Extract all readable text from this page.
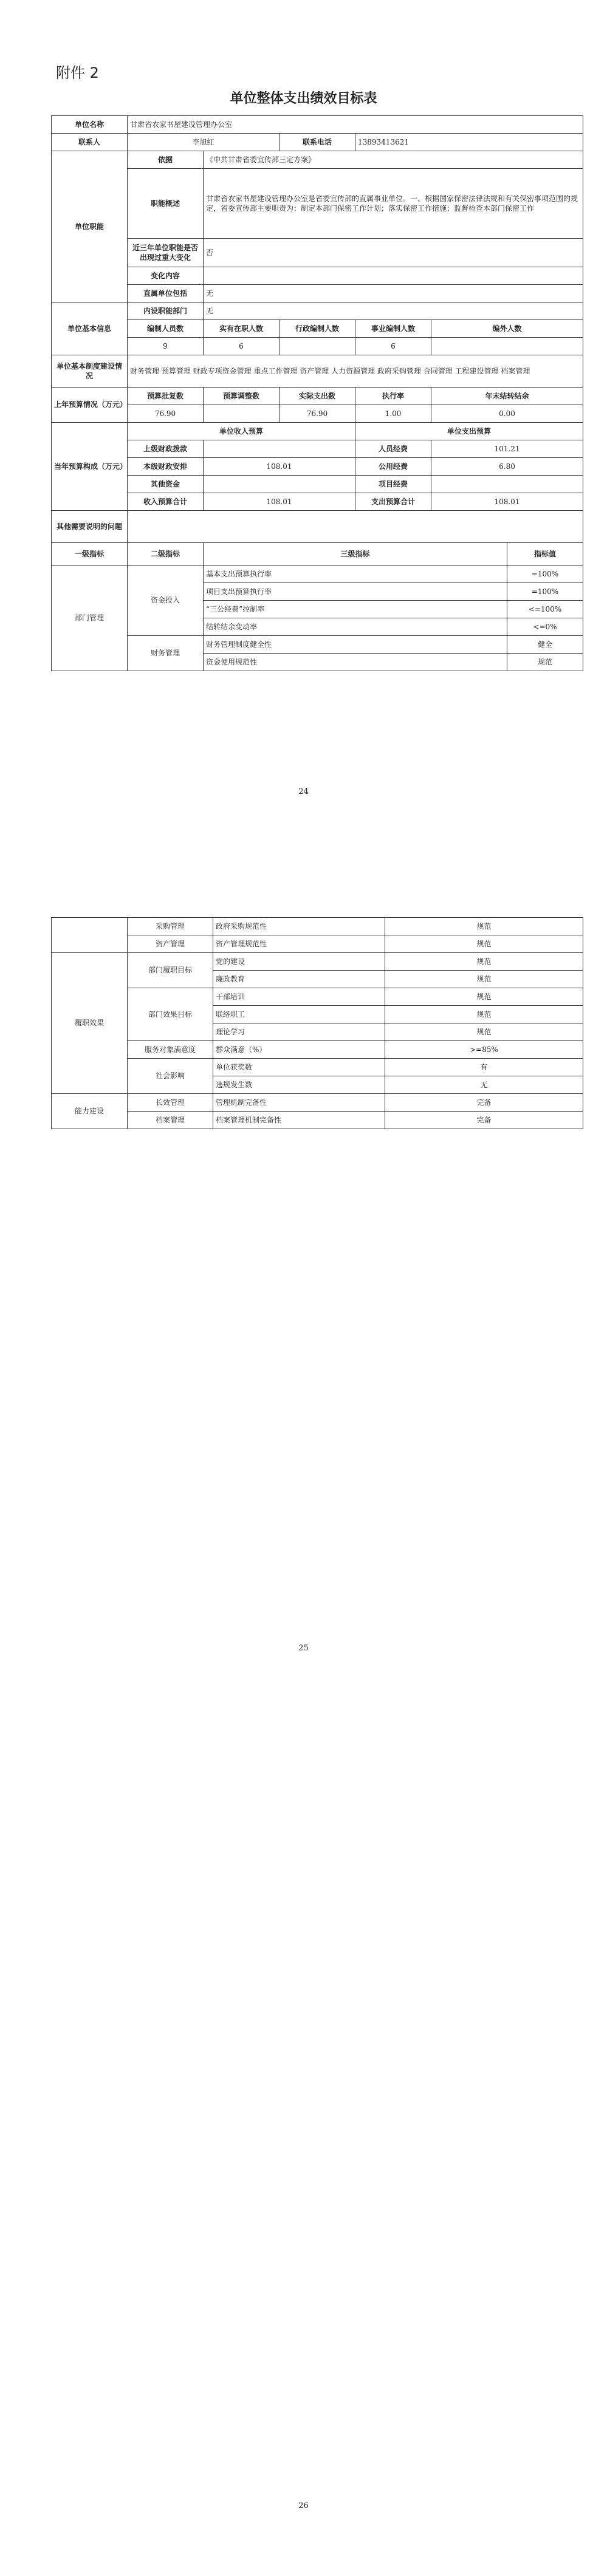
附件 2
单位整体支出绩效目标表
单位名称	甘肃省农家书屋建设管理办公室					
联系人	李旭红		联系电话	13893413621		
单位职能	依据	《中共甘肃省委宣传部三定方案》				
	职能概述	甘肃省农家书屋建设管理办公室是省委宣传部的直属事业单位。一、根据国家保密法律法规和有关保密事项范围的规定，省委宣传部主要职责为：制定本部门保密工作计划；落实保密工作措施；监督检查本部门保密工作				
	近三年单位职能是否出现过重大变化	否				
	变化内容					
	直属单位包括	无				
单位基本信息	内设职能部门	无				
	编制人员数	实有在职人数	行政编制人数	事业编制人数	编外人数	
	9	6		6		
单位基本制度建设情况	财务管理 预算管理 财政专项资金管理 重点工作管理 资产管理 人力资源管理 政府采购管理 合同管理 工程建设管理 档案管理					
上年预算情况（万元）	预算批复数	预算调整数	实际支出数	执行率	年末结转结余	
	76.90		76.90	1.00	0.00	
当年预算构成（万元）	单位收入预算			单位支出预算		
	上级财政拨款			人员经费	101.21	
	本级财政安排	108.01		公用经费	6.80	
	其他资金			项目经费		
	收入预算合计	108.01		支出预算合计	108.01	
其他需要说明的问题						
一级指标	二级指标	三级指标				指标值
部门管理	资金投入	基本支出预算执行率				=100%
		项目支出预算执行率				=100%
		“三公经费”控制率				<=100%
		结转结余变动率				<=0%
	财务管理	财务管理制度健全性				健全
		资金使用规范性				规范
24
	采购管理	政府采购规范性	规范
	资产管理	资产管理规范性	规范
履职效果	部门履职目标	党的建设	规范
		廉政教育	规范
	部门效果目标	干部培训	规范
		联络职工	规范
		理论学习	规范
	服务对象满意度	群众满意（%）	>=85%
	社会影响	单位获奖数	有
		违规发生数	无

能力建设	长效管理	管理机制完备性	完备
	档案管理	档案管理机制完备性	完备
25
26
